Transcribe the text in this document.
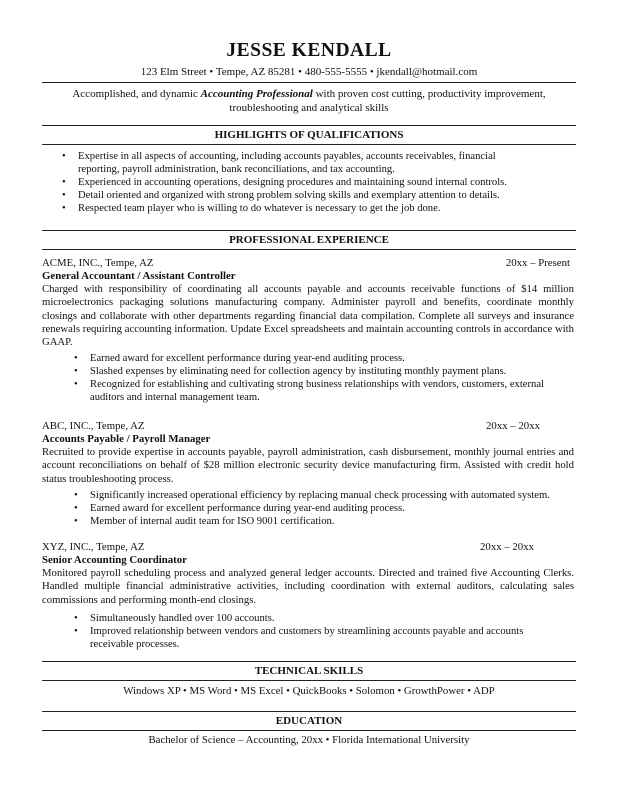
JESSE KENDALL
123 Elm Street • Tempe, AZ 85281 • 480-555-5555 • jkendall@hotmail.com
Accomplished, and dynamic Accounting Professional with proven cost cutting, productivity improvement, troubleshooting and analytical skills
HIGHLIGHTS OF QUALIFICATIONS
• Expertise in all aspects of accounting, including accounts payables, accounts receivables, financial reporting, payroll administration, bank reconciliations, and tax accounting.
• Experienced in accounting operations, designing procedures and maintaining sound internal controls.
• Detail oriented and organized with strong problem solving skills and exemplary attention to details.
• Respected team player who is willing to do whatever is necessary to get the job done.
PROFESSIONAL EXPERIENCE
ACME, INC., Tempe, AZ	20xx – Present
General Accountant / Assistant Controller
Charged with responsibility of coordinating all accounts payable and accounts receivable functions of $14 million microelectronics packaging solutions manufacturing company. Administer payroll and benefits, coordinate monthly closings and collaborate with other departments regarding financial data compilation. Complete all surveys and insurance renewals requiring accounting information. Update Excel spreadsheets and maintain accounting controls in accordance with GAAP.
• Earned award for excellent performance during year-end auditing process.
• Slashed expenses by eliminating need for collection agency by instituting monthly payment plans.
• Recognized for establishing and cultivating strong business relationships with vendors, customers, external auditors and internal management team.
ABC, INC., Tempe, AZ	20xx – 20xx
Accounts Payable / Payroll Manager
Recruited to provide expertise in accounts payable, payroll administration, cash disbursement, monthly journal entries and account reconciliations on behalf of $28 million electronic security device manufacturing firm. Assisted with credit hold status troubleshooting process.
• Significantly increased operational efficiency by replacing manual check processing with automated system.
• Earned award for excellent performance during year-end auditing process.
• Member of internal audit team for ISO 9001 certification.
XYZ, INC., Tempe, AZ	20xx – 20xx
Senior Accounting Coordinator
Monitored payroll scheduling process and analyzed general ledger accounts. Directed and trained five Accounting Clerks. Handled multiple financial administrative activities, including coordination with external auditors, calculating sales commissions and performing month-end closings.
• Simultaneously handled over 100 accounts.
• Improved relationship between vendors and customers by streamlining accounts payable and accounts receivable processes.
TECHNICAL SKILLS
Windows XP • MS Word • MS Excel • QuickBooks • Solomon • GrowthPower • ADP
EDUCATION
Bachelor of Science – Accounting, 20xx • Florida International University
